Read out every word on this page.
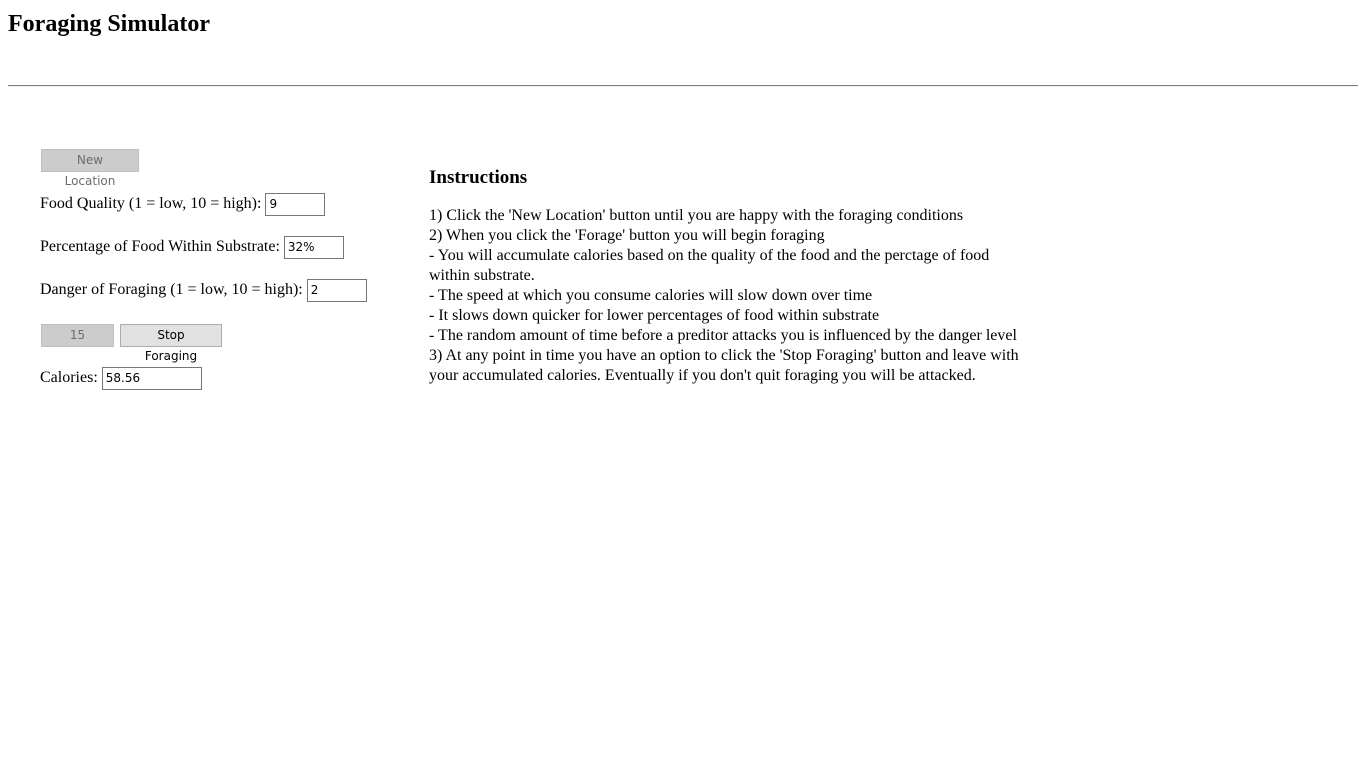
Foraging Simulator
New Location
Food Quality (1 = low, 10 = high): 9
Percentage of Food Within Substrate: 32%
Danger of Foraging (1 = low, 10 = high): 2
15	Stop Foraging
Calories: 58.56
Instructions
1) Click the 'New Location' button until you are happy with the foraging conditions
2) When you click the 'Forage' button you will begin foraging
- You will accumulate calories based on the quality of the food and the perctage of food within substrate.
- The speed at which you consume calories will slow down over time
- It slows down quicker for lower percentages of food within substrate
- The random amount of time before a preditor attacks you is influenced by the danger level
3) At any point in time you have an option to click the 'Stop Foraging' button and leave with your accumulated calories. Eventually if you don't quit foraging you will be attacked.
